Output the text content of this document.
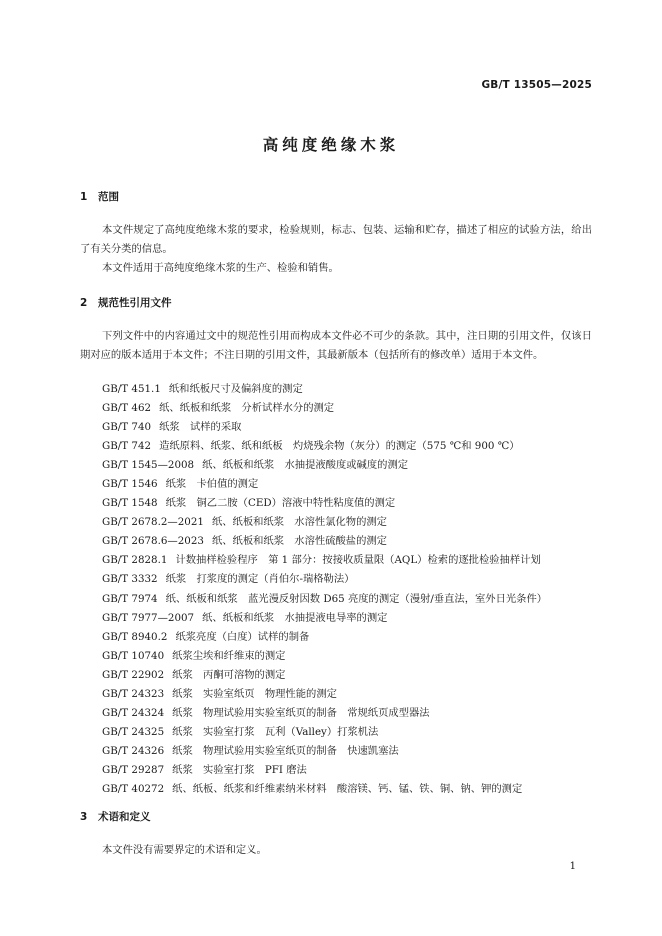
GB/T 13505—2025
高纯度绝缘木浆
1 范围
本文件规定了高纯度绝缘木浆的要求，检验规则，标志、包装、运输和贮存，描述了相应的试验方法，给出了有关分类的信息。
本文件适用于高纯度绝缘木浆的生产、检验和销售。
2 规范性引用文件
下列文件中的内容通过文中的规范性引用而构成本文件必不可少的条款。其中，注日期的引用文件，仅该日期对应的版本适用于本文件；不注日期的引用文件，其最新版本（包括所有的修改单）适用于本文件。
GB/T 451.1 纸和纸板尺寸及偏斜度的测定
GB/T 462 纸、纸板和纸浆　分析试样水分的测定
GB/T 740 纸浆　试样的采取
GB/T 742 造纸原料、纸浆、纸和纸板　灼烧残余物（灰分）的测定（575 ℃和 900 ℃）
GB/T 1545—2008 纸、纸板和纸浆　水抽提液酸度或碱度的测定
GB/T 1546 纸浆　卡伯值的测定
GB/T 1548 纸浆　铜乙二胺（CED）溶液中特性粘度值的测定
GB/T 2678.2—2021 纸、纸板和纸浆　水溶性氯化物的测定
GB/T 2678.6—2023 纸、纸板和纸浆　水溶性硫酸盐的测定
GB/T 2828.1 计数抽样检验程序　第 1 部分：按接收质量限（AQL）检索的逐批检验抽样计划
GB/T 3332 纸浆　打浆度的测定（肖伯尔-瑞格勒法）
GB/T 7974 纸、纸板和纸浆　蓝光漫反射因数 D65 亮度的测定（漫射/垂直法，室外日光条件）
GB/T 7977—2007 纸、纸板和纸浆　水抽提液电导率的测定
GB/T 8940.2 纸浆亮度（白度）试样的制备
GB/T 10740 纸浆尘埃和纤维束的测定
GB/T 22902 纸浆　丙酮可溶物的测定
GB/T 24323 纸浆　实验室纸页　物理性能的测定
GB/T 24324 纸浆　物理试验用实验室纸页的制备　常规纸页成型器法
GB/T 24325 纸浆　实验室打浆　瓦利（Valley）打浆机法
GB/T 24326 纸浆　物理试验用实验室纸页的制备　快速凯塞法
GB/T 29287 纸浆　实验室打浆　PFI 磨法
GB/T 40272 纸、纸板、纸浆和纤维素纳米材料　酸溶镁、钙、锰、铁、铜、钠、钾的测定
3 术语和定义
本文件没有需要界定的术语和定义。
1
